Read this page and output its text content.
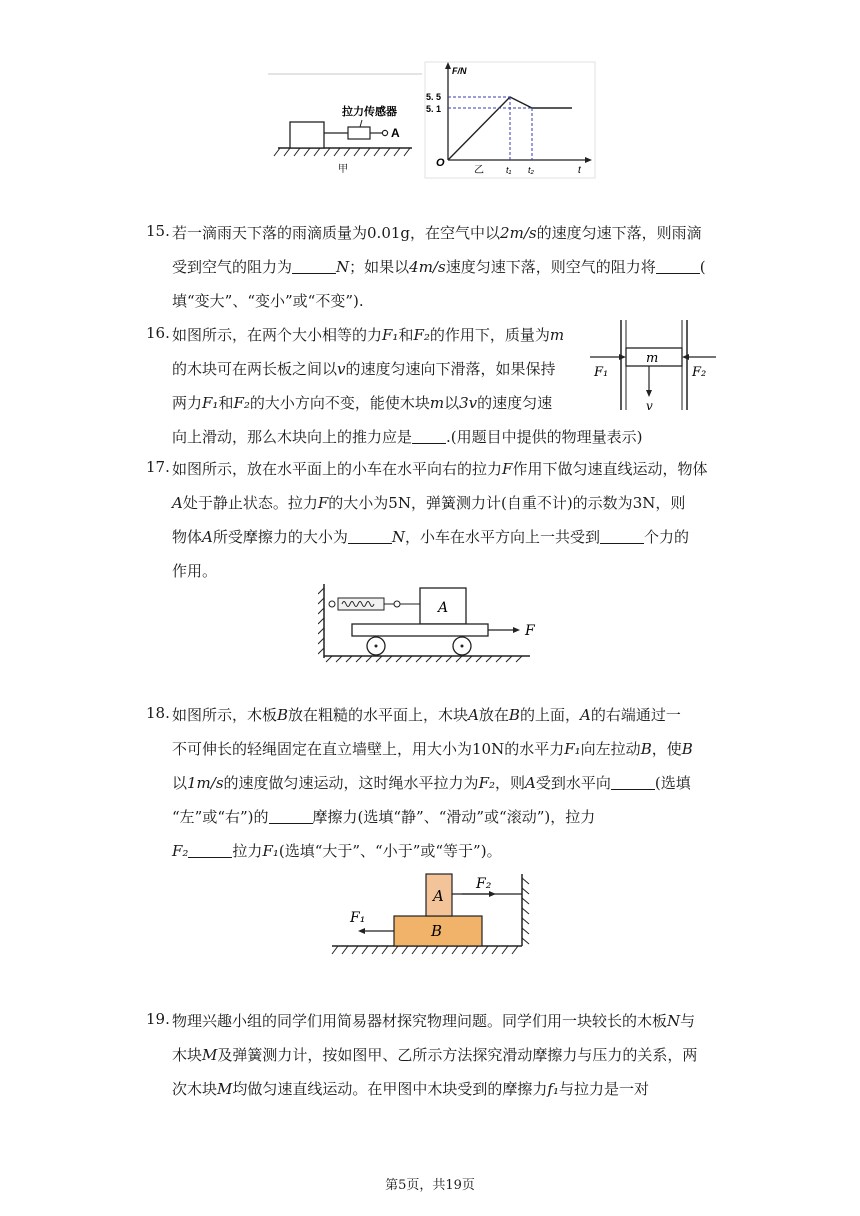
拉力传感器
A
甲
F/N
5. 5
5. 1
O
乙 t₁ t₂	t
15. 若一滴雨天下落的雨滴质量为0.01g，在空气中以2m/s的速度匀速下落，则雨滴
受到空气的阻力为	N；如果以4m/s速度匀速下落，则空气的阻力将	(
填“变大”、“变小”或“不变”).
16. 如图所示，在两个大小相等的力F₁和F₂的作用下，质量为m
的木块可在两长板之间以v的速度匀速向下滑落，如果保持
两力F₁和F₂的大小方向不变，能使木块m以3v的速度匀速
向上滑动，那么木块向上的推力应是 .(用题目中提供的物理量表示)
m
F₁	F₂
v
17. 如图所示，放在水平面上的小车在水平向右的拉力F作用下做匀速直线运动，物体
A处于静止状态。拉力F的大小为5N，弹簧测力计(自重不计)的示数为3N，则
物体A所受摩擦力的大小为	N，小车在水平方向上一共受到	个力的
作用。
A
F
18. 如图所示，木板B放在粗糙的水平面上，木块A放在B的上面，A的右端通过一
不可伸长的轻绳固定在直立墙壁上，用大小为10N的水平力F₁向左拉动B，使B
以1m/s的速度做匀速运动，这时绳水平拉力为F₂，则A受到水平向	(选填
“左”或“右”)的	摩擦力(选填“静”、“滑动”或“滚动”)，拉力
F₂	拉力F₁(选填“大于”、“小于”或“等于”)。
A
B
F₁
F₂
19. 物理兴趣小组的同学们用简易器材探究物理问题。同学们用一块较长的木板N与
木块M及弹簧测力计，按如图甲、乙所示方法探究滑动摩擦力与压力的关系，两
次木块M均做匀速直线运动。在甲图中木块受到的摩擦力f₁与拉力是一对
第5页，共19页
